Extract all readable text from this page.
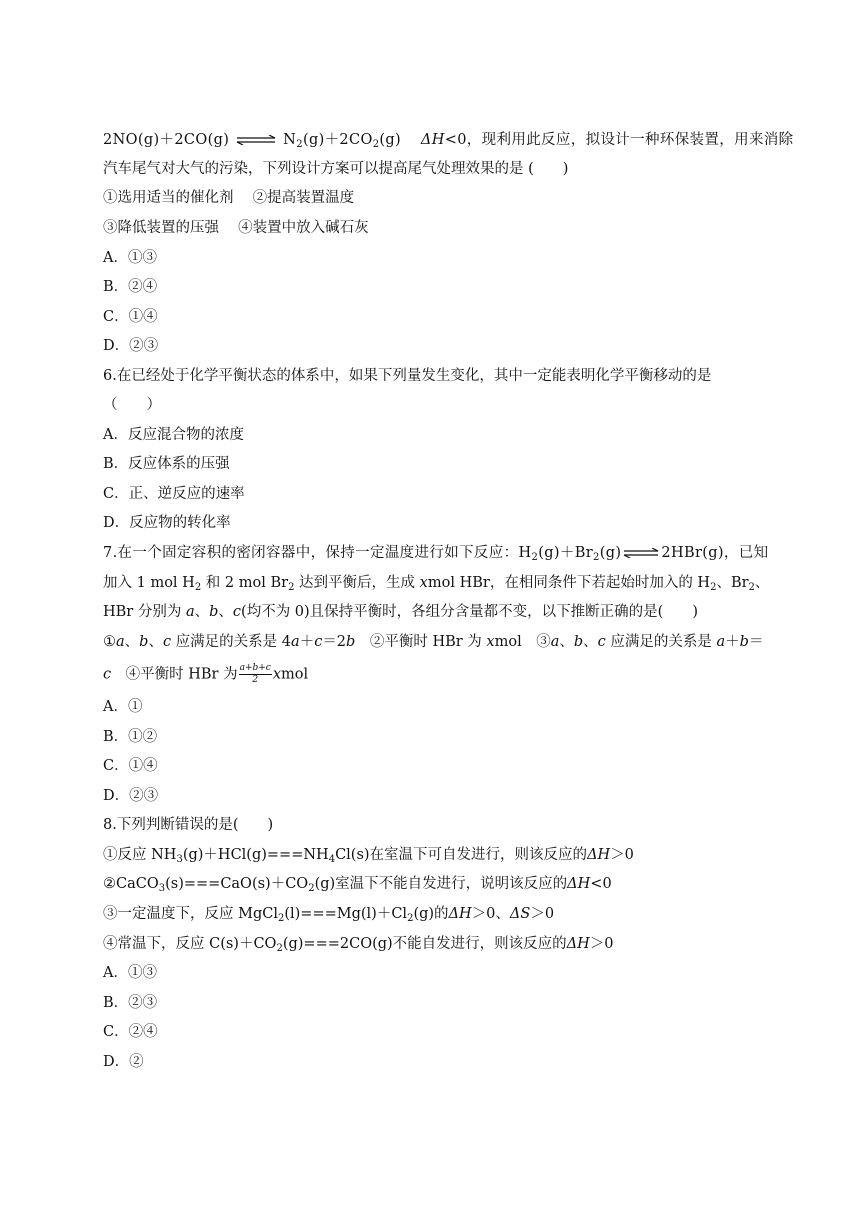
2NO(g)＋2CO(g) ⇌ $N_2(g)+2CO_2(g)$    ΔH<0，现利用此反应，拟设计一种环保装置，用来消除
汽车尾气对大气的污染，下列设计方案可以提高尾气处理效果的是 (　　)
①选用适当的催化剂　 ②提高装置温度
③降低装置的压强　 ④装置中放入碱石灰
A．①③
B．②④
C．①④
D．②③
6.在已经处于化学平衡状态的体系中，如果下列量发生变化，其中一定能表明化学平衡移动的是
（　　）
A．反应混合物的浓度
B．反应体系的压强
C．正、逆反应的速率
D．反应物的转化率
7.在一个固定容积的密闭容器中，保持一定温度进行如下反应：$H_2(g)+Br_2(g)$ ⇌ 2HBr(g)，已知
加入 1 mol $H_2$ 和 2 mol $Br_2$ 达到平衡后，生成 xmol HBr，在相同条件下若起始时加入的 $H_2$、$Br_2$、
HBr 分别为 a、b、c(均不为 0)且保持平衡时，各组分含量都不变，以下推断正确的是(　　)
①a、b、c 应满足的关系是 4a＋c＝2b　②平衡时 HBr 为 xmol　③a、b、c 应满足的关系是 a＋b＝
c　④平衡时 HBr 为 $\frac{a+b+c}{2}$ xmol
A．①
B．①②
C．①④
D．②③
8.下列判断错误的是(　　)
①反应 $NH_3(g)+HCl(g)===NH_4Cl(s)$在室温下可自发进行，则该反应的ΔH＞0
$②CaCO_3(s)===CaO(s)+CO_2(g)$室温下不能自发进行，说明该反应的ΔH<0
③一定温度下，反应 $MgCl_2(l)===Mg(l)+Cl_2(g)$的ΔH＞0、ΔS＞0
④常温下，反应 $C(s)+CO_2(g)===2CO(g)$不能自发进行，则该反应的ΔH＞0
A．①③
B．②③
C．②④
D．②
